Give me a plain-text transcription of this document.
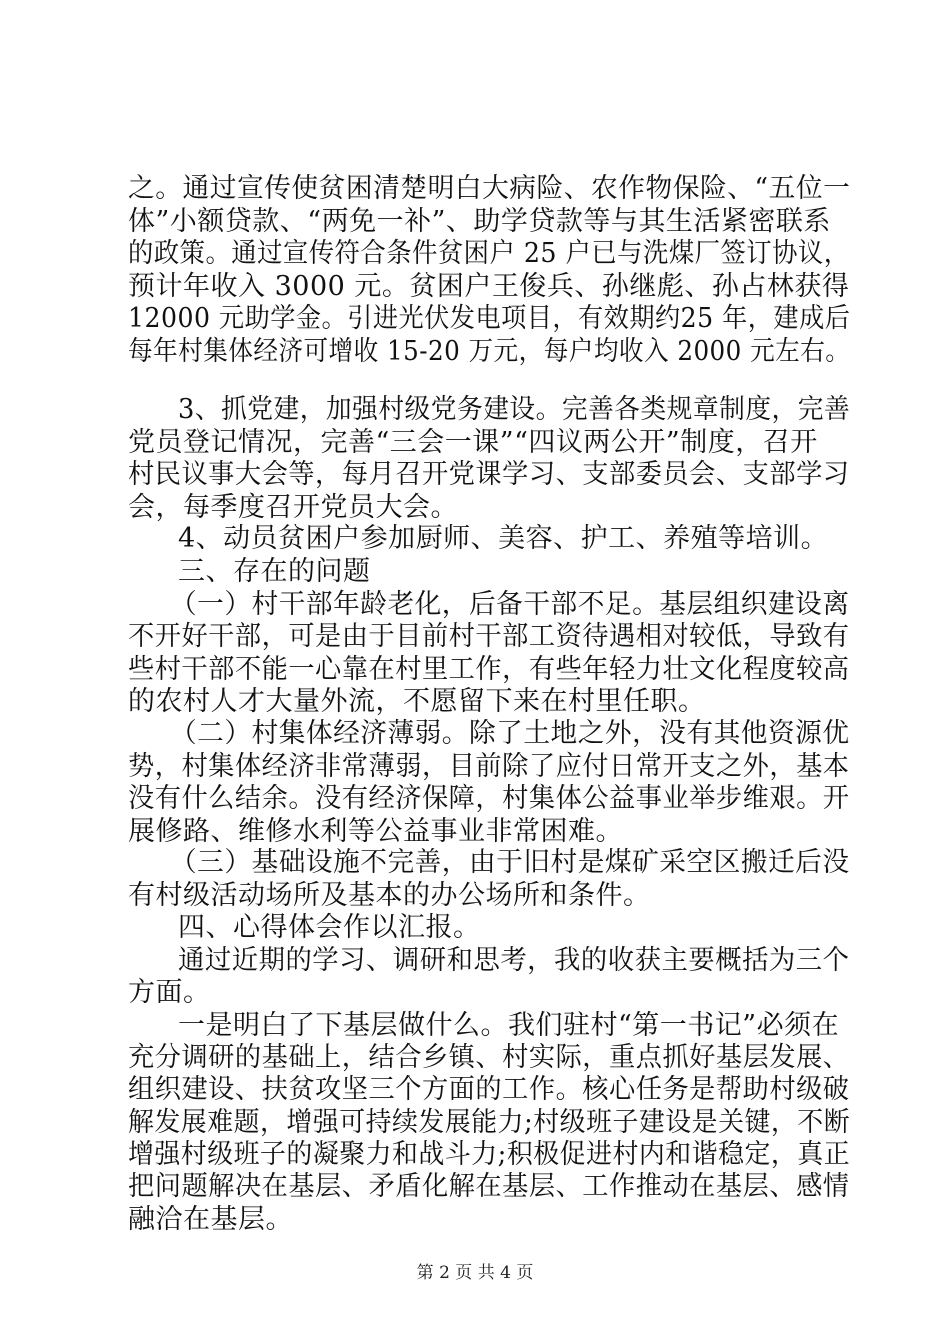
之。通过宣传使贫困清楚明白大病险、农作物保险、“五位一
体”小额贷款、“两免一补”、助学贷款等与其生活紧密联系
的政策。通过宣传符合条件贫困户 25 户已与洗煤厂签订协议，
预计年收入 3000 元。贫困户王俊兵、孙继彪、孙占林获得
12000 元助学金。引进光伏发电项目，有效期约25 年，建成后
每年村集体经济可增收 15-20 万元，每户均收入 2000 元左右。
3、抓党建，加强村级党务建设。完善各类规章制度，完善
党员登记情况，完善“三会一课”“四议两公开”制度，召开
村民议事大会等，每月召开党课学习、支部委员会、支部学习
会，每季度召开党员大会。
4、动员贫困户参加厨师、美容、护工、养殖等培训。
三、存在的问题
（一）村干部年龄老化，后备干部不足。基层组织建设离
不开好干部，可是由于目前村干部工资待遇相对较低，导致有
些村干部不能一心靠在村里工作，有些年轻力壮文化程度较高
的农村人才大量外流，不愿留下来在村里任职。
（二）村集体经济薄弱。除了土地之外，没有其他资源优
势，村集体经济非常薄弱，目前除了应付日常开支之外，基本
没有什么结余。没有经济保障，村集体公益事业举步维艰。开
展修路、维修水利等公益事业非常困难。
（三）基础设施不完善，由于旧村是煤矿采空区搬迁后没
有村级活动场所及基本的办公场所和条件。
四、心得体会作以汇报。
通过近期的学习、调研和思考，我的收获主要概括为三个
方面。
一是明白了下基层做什么。我们驻村“第一书记”必须在
充分调研的基础上，结合乡镇、村实际，重点抓好基层发展、
组织建设、扶贫攻坚三个方面的工作。核心任务是帮助村级破
解发展难题，增强可持续发展能力;村级班子建设是关键，不断
增强村级班子的凝聚力和战斗力;积极促进村内和谐稳定，真正
把问题解决在基层、矛盾化解在基层、工作推动在基层、感情
融洽在基层。
第 2 页 共 4 页
